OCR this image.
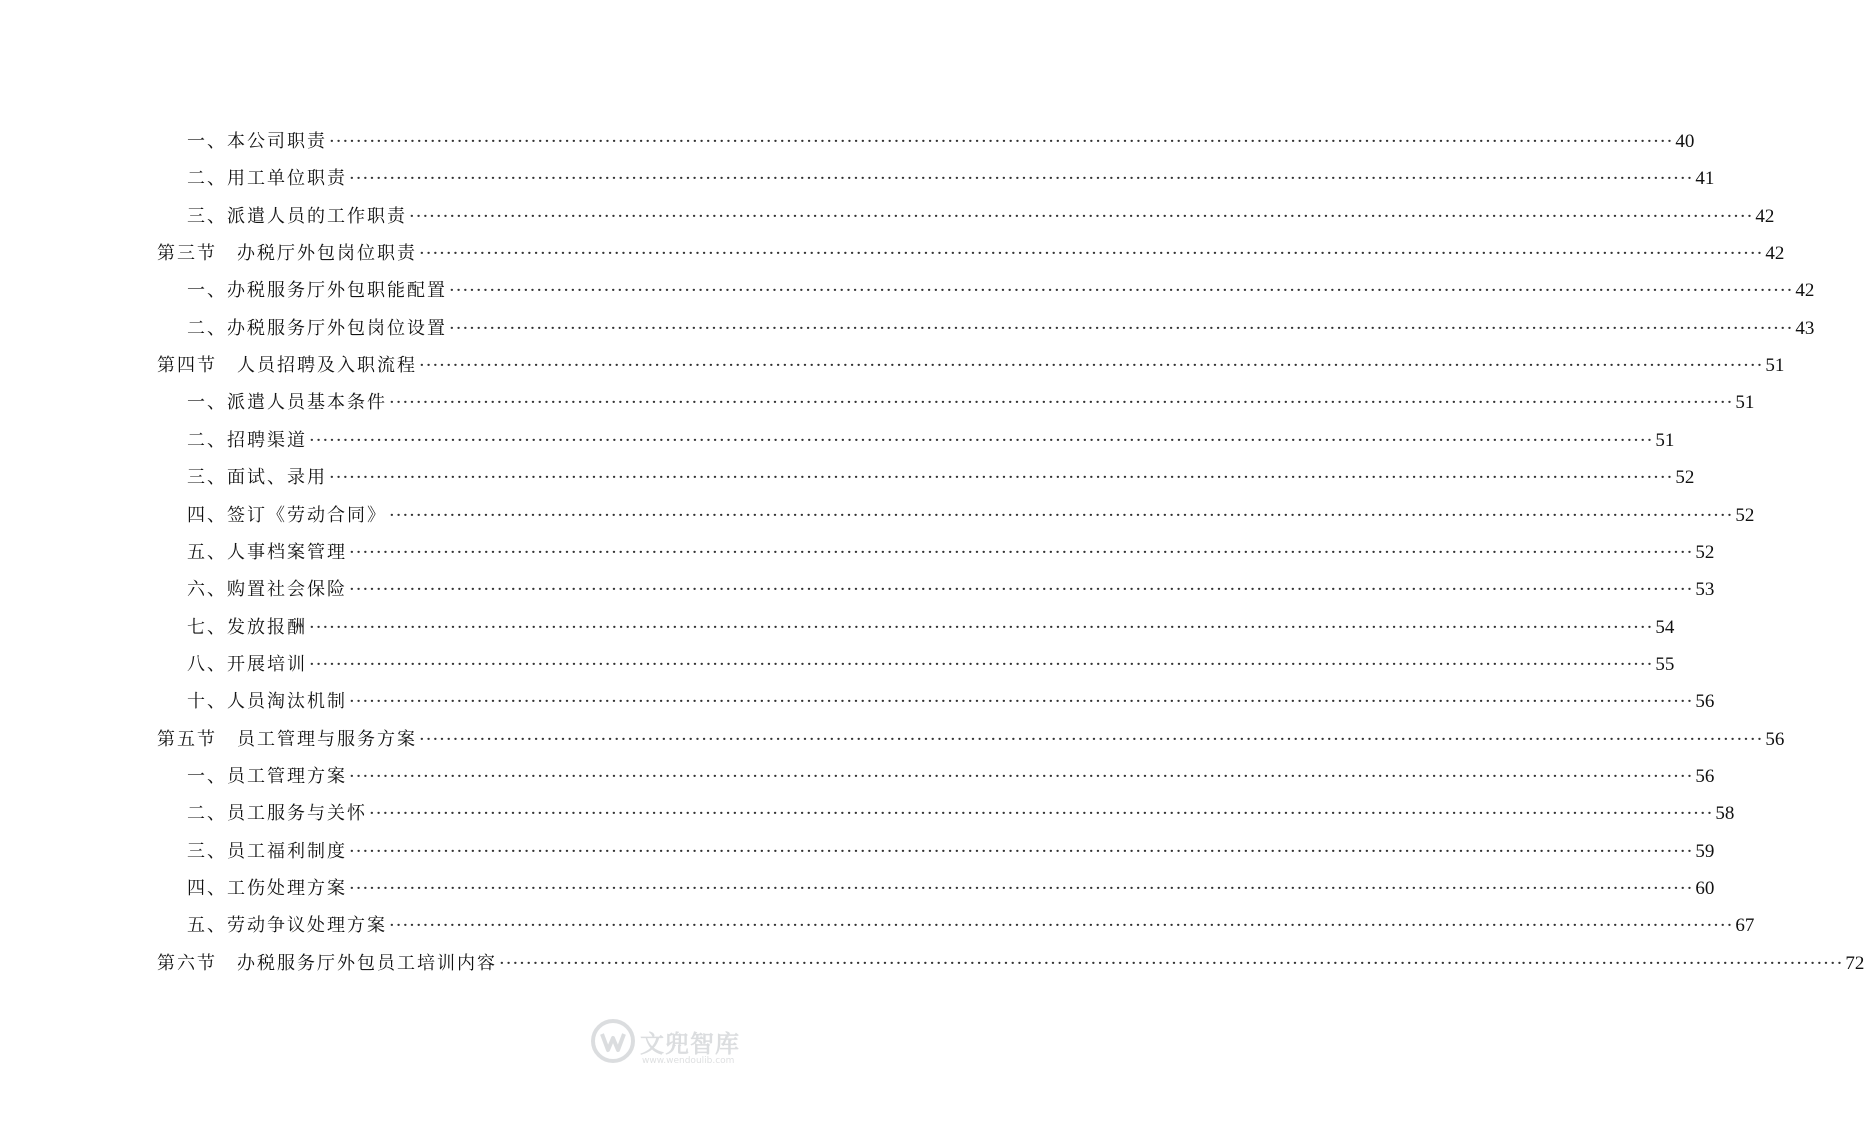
一、本公司职责 ········································································································································································································ 40
二、用工单位职责 ········································································································································································································ 41
三、派遣人员的工作职责 ········································································································································································································ 42
第三节　办税厅外包岗位职责 ········································································································································································································ 42
一、办税服务厅外包职能配置 ········································································································································································································ 42
二、办税服务厅外包岗位设置 ········································································································································································································ 43
第四节　人员招聘及入职流程 ········································································································································································································ 51
一、派遣人员基本条件 ········································································································································································································ 51
二、招聘渠道 ········································································································································································································ 51
三、面试、录用 ········································································································································································································ 52
四、签订《劳动合同》 ········································································································································································································ 52
五、人事档案管理 ········································································································································································································ 52
六、购置社会保险 ········································································································································································································ 53
七、发放报酬 ········································································································································································································ 54
八、开展培训 ········································································································································································································ 55
十、人员淘汰机制 ········································································································································································································ 56
第五节　员工管理与服务方案 ········································································································································································································ 56
一、员工管理方案 ········································································································································································································ 56
二、员工服务与关怀 ········································································································································································································ 58
三、员工福利制度 ········································································································································································································ 59
四、工伤处理方案 ········································································································································································································ 60
五、劳动争议处理方案 ········································································································································································································ 67
第六节　办税服务厅外包员工培训内容 ········································································································································································································ 72
文兜智库
www.wendoulib.com
